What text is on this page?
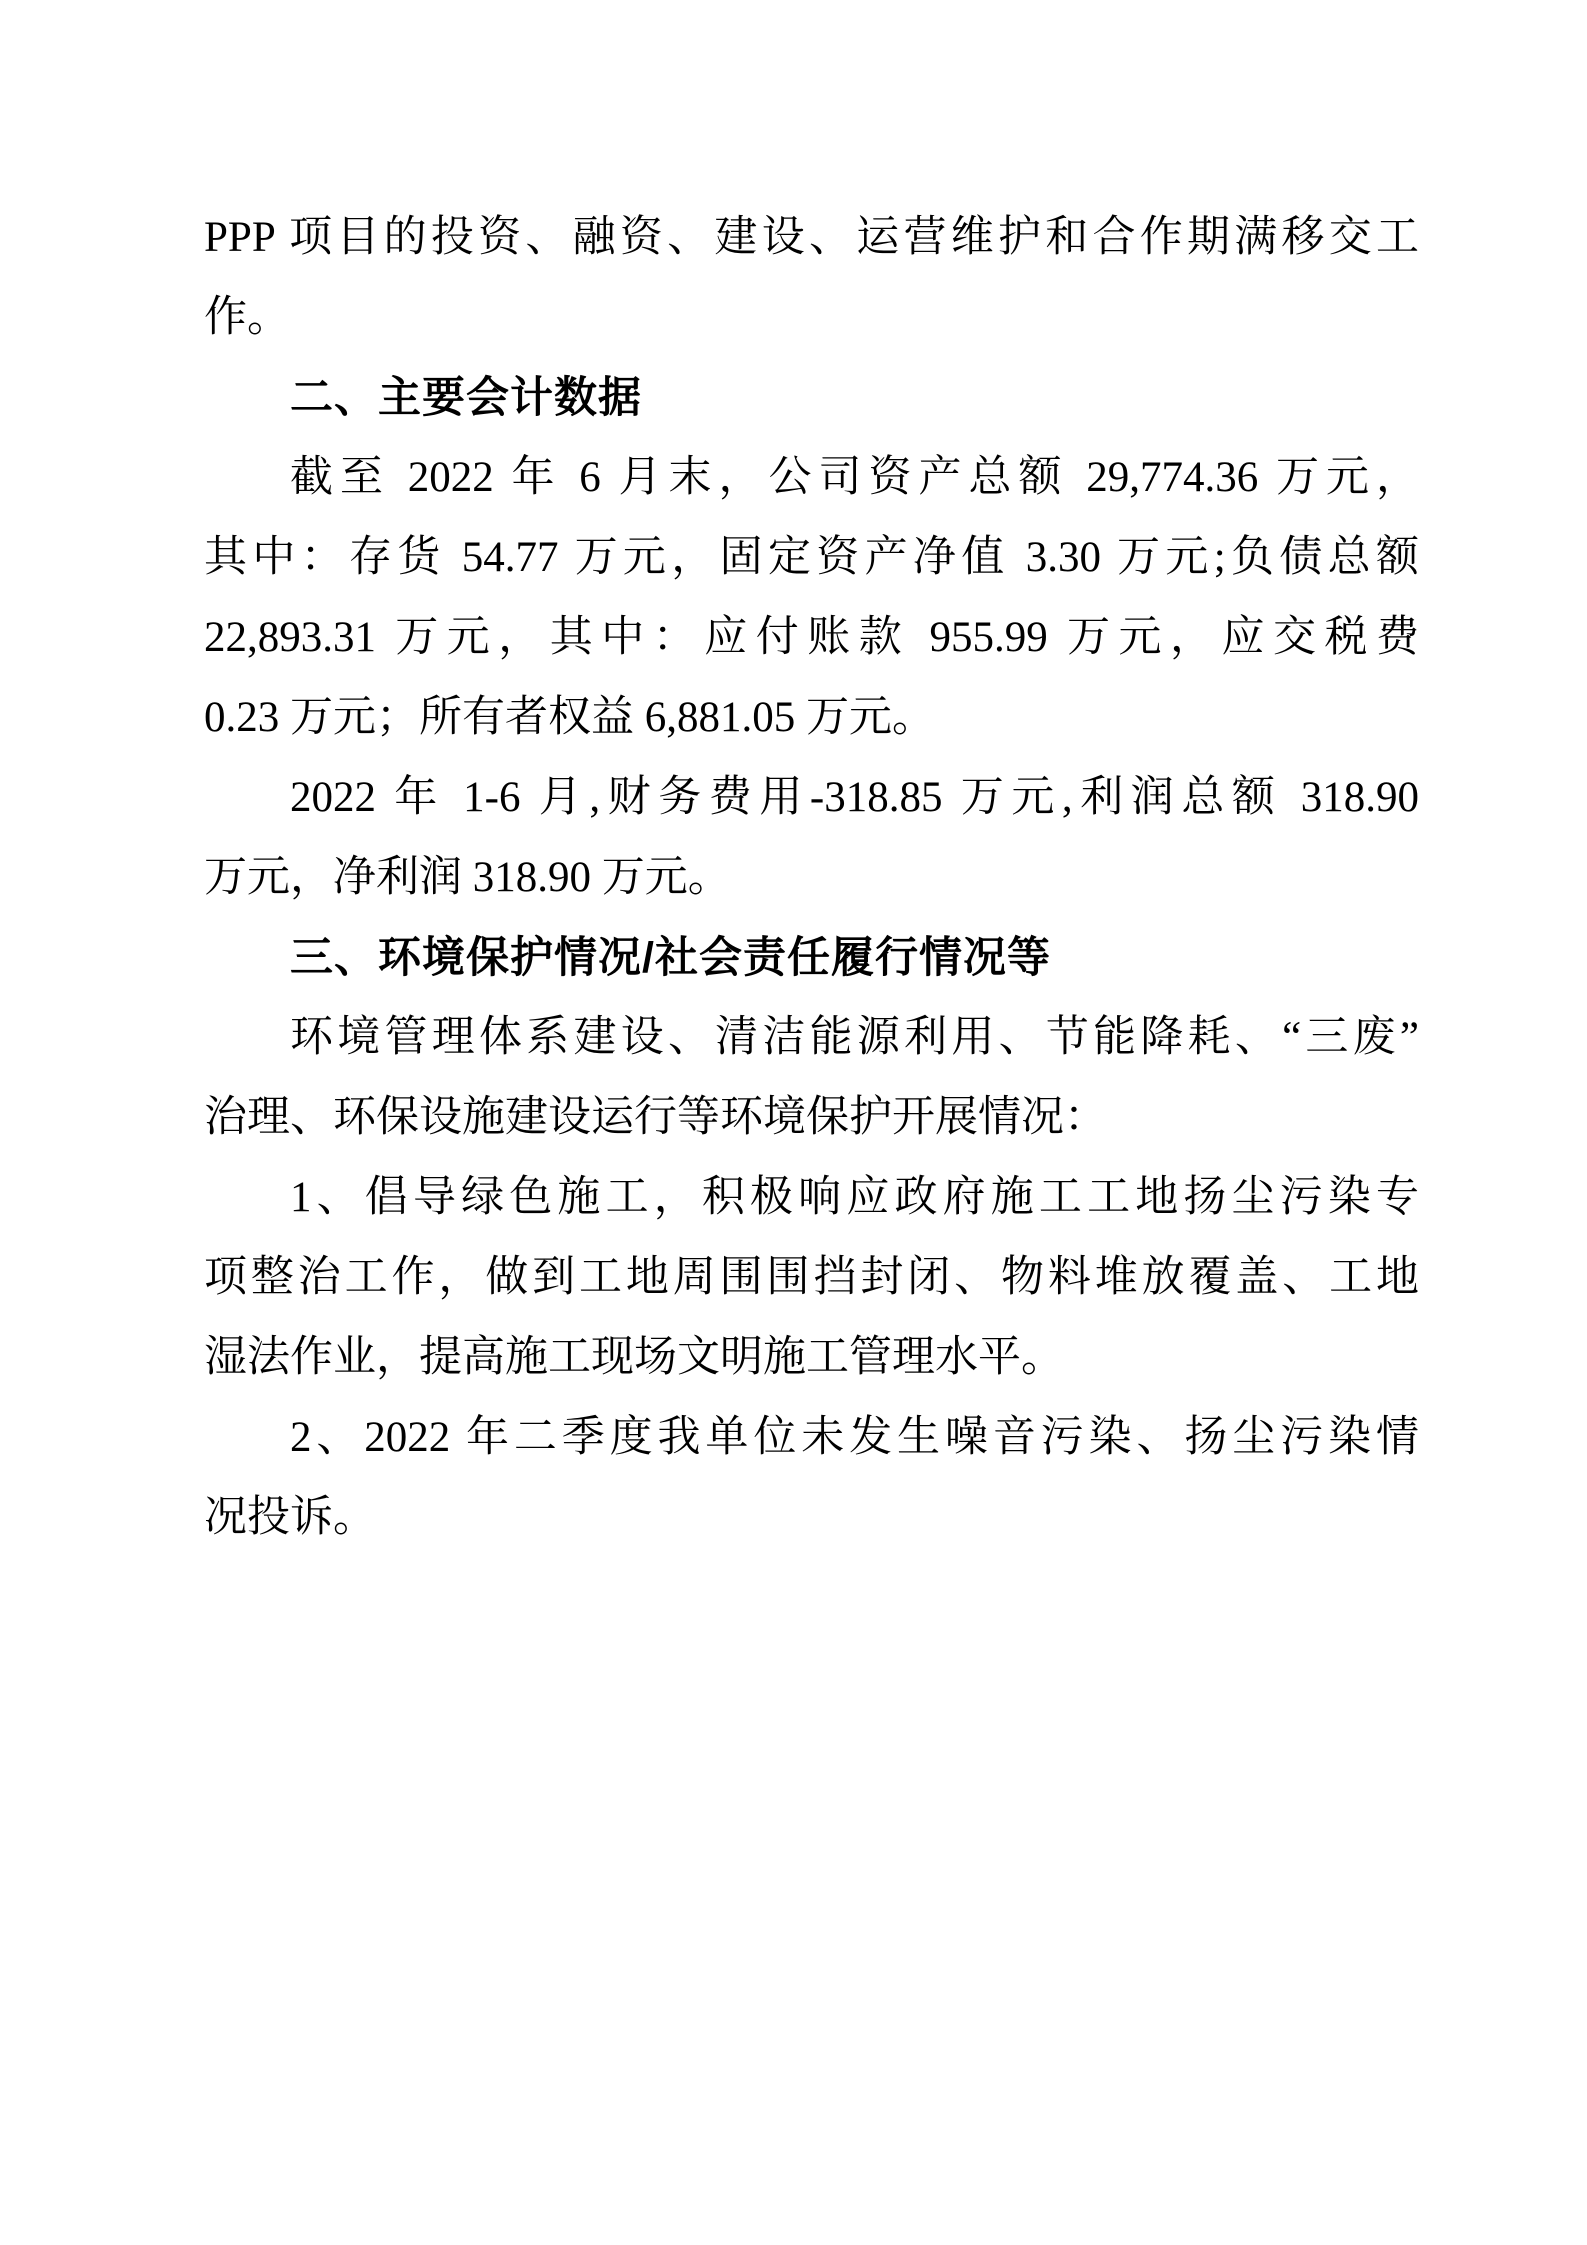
PPP 项目的投资、融资、建设、运营维护和合作期满移交工
作。
二、主要会计数据
截至 2022 年 6 月末，公司资产总额 29,774.36 万元，
其中：存货 54.77 万元，固定资产净值 3.30 万元;负债总额
22,893.31 万元，其中：应付账款 955.99 万元，应交税费
0.23 万元；所有者权益 6,881.05 万元。
2022 年 1-6 月,财务费用-318.85 万元,利润总额 318.90
万元，净利润 318.90 万元。
三、环境保护情况/社会责任履行情况等
环境管理体系建设、清洁能源利用、节能降耗、“三废”
治理、环保设施建设运行等环境保护开展情况：
1、倡导绿色施工，积极响应政府施工工地扬尘污染专
项整治工作，做到工地周围围挡封闭、物料堆放覆盖、工地
湿法作业，提高施工现场文明施工管理水平。
2、2022 年二季度我单位未发生噪音污染、扬尘污染情
况投诉。
